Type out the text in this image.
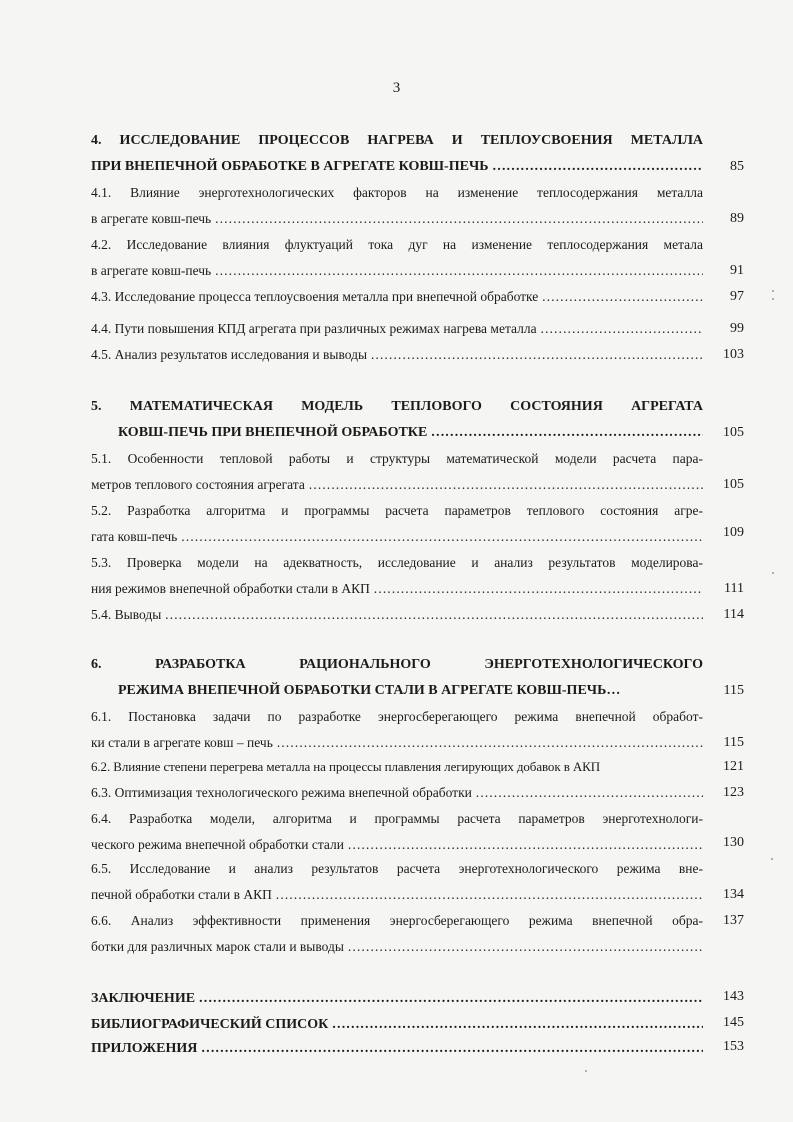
3
4. ИССЛЕДОВАНИЕ ПРОЦЕССОВ НАГРЕВА И ТЕПЛОУСВОЕНИЯ МЕТАЛЛА
ПРИ ВНЕПЕЧНОЙ ОБРАБОТКЕ В АГРЕГАТЕ КОВШ-ПЕЧЬ ………………………………………………………………………………………………………………………………………………………	85
4.1. Влияние энерготехнологических факторов на изменение теплосодержания металла
в агрегате ковш-печь ………………………………………………………………………………………………………………………………………………………………	89
4.2. Исследование влияния флуктуаций тока дуг на изменение теплосодержания метала
в агрегате ковш-печь ………………………………………………………………………………………………………………………………………………………………	91
4.3. Исследование процесса теплоусвоения металла при внепечной обработке ………………………………………………………………………………………………………………………………………………………………	97
4.4. Пути повышения КПД агрегата при различных режимах нагрева металла ………………………………………………………………………………………………………………………………………………………………	99
4.5. Анализ результатов исследования и выводы ………………………………………………………………………………………………………………………………………………………………	103
5. МАТЕМАТИЧЕСКАЯ МОДЕЛЬ ТЕПЛОВОГО СОСТОЯНИЯ АГРЕГАТА
КОВШ-ПЕЧЬ ПРИ ВНЕПЕЧНОЙ ОБРАБОТКЕ ………………………………………………………………………………………………………………………………………………………	105
5.1. Особенности тепловой работы и структуры математической модели расчета пара-
метров теплового состояния агрегата ………………………………………………………………………………………………………………………………………………………………	105
5.2. Разработка алгоритма и программы расчета параметров теплового состояния агре-
гата ковш-печь ………………………………………………………………………………………………………………………………………………………………	109
5.3. Проверка модели на адекватность, исследование и анализ результатов моделирова-
ния режимов внепечной обработки стали в АКП ………………………………………………………………………………………………………………………………………………………………	111
5.4. Выводы ………………………………………………………………………………………………………………………………………………………………	114
6. РАЗРАБОТКА РАЦИОНАЛЬНОГО ЭНЕРГОТЕХНОЛОГИЧЕСКОГО
РЕЖИМА ВНЕПЕЧНОЙ ОБРАБОТКИ СТАЛИ В АГРЕГАТЕ КОВШ-ПЕЧЬ…	115
6.1. Постановка задачи по разработке энергосберегающего режима внепечной обработ-
ки стали в агрегате ковш – печь ………………………………………………………………………………………………………………………………………………………………	115
6.2. Влияние степени перегрева металла на процессы плавления легирующих добавок в АКП	121
6.3. Оптимизация технологического режима внепечной обработки ………………………………………………………………………………………………………………………………………………………………	123
6.4. Разработка модели, алгоритма и программы расчета параметров энерготехнологи-
ческого режима внепечной обработки стали ………………………………………………………………………………………………………………………………………………………………	130
6.5. Исследование и анализ результатов расчета энерготехнологического режима вне-
печной обработки стали в АКП ………………………………………………………………………………………………………………………………………………………………	134
6.6. Анализ эффективности применения энергосберегающего режима внепечной обра-	137
ботки для различных марок стали и выводы ………………………………………………………………………………………………………………………………………………………………
ЗАКЛЮЧЕНИЕ ………………………………………………………………………………………………………………………………………………………	143
БИБЛИОГРАФИЧЕСКИЙ СПИСОК ………………………………………………………………………………………………………………………………………………………	145
ПРИЛОЖЕНИЯ ………………………………………………………………………………………………………………………………………………………	153
